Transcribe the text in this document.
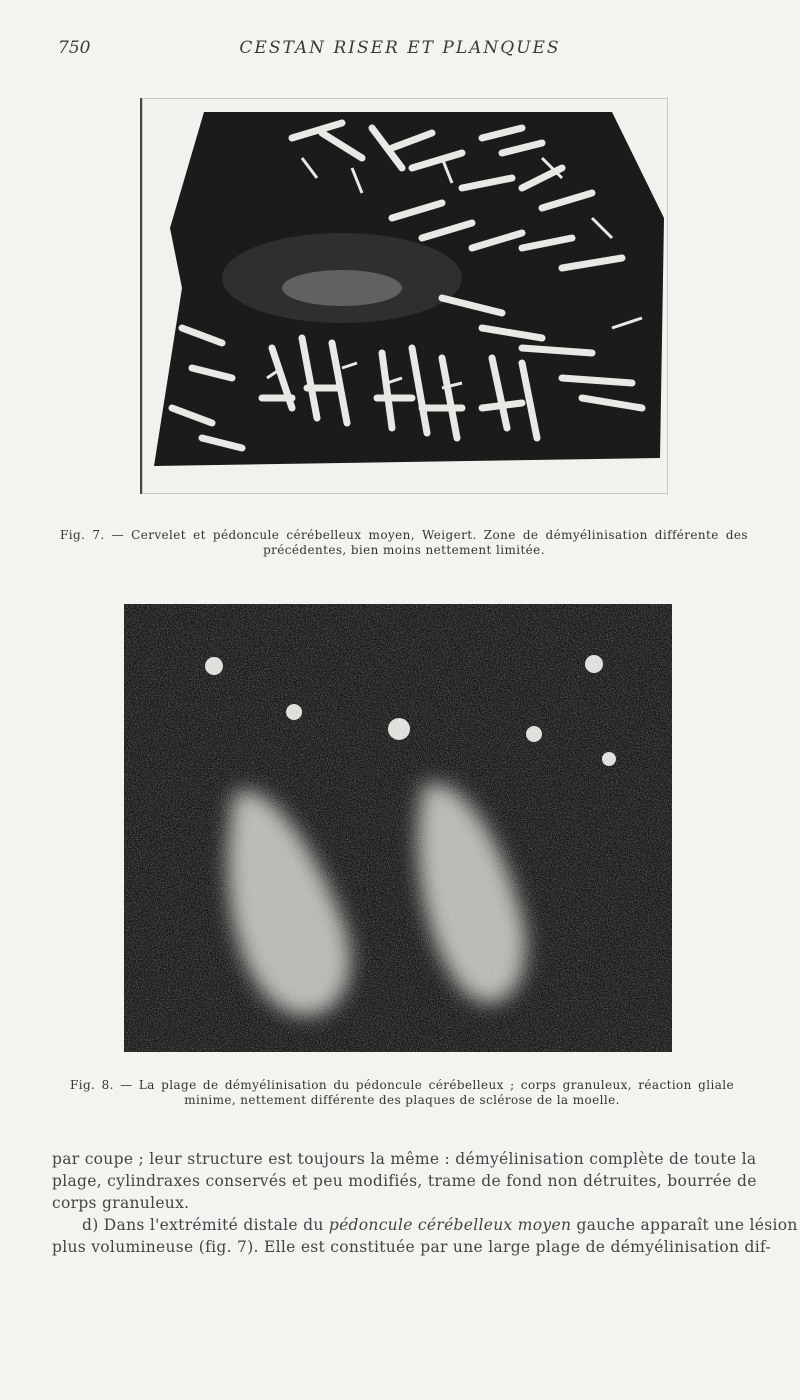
750	CESTAN RISER ET PLANQUES
Fig. 7. — Cervelet et pédoncule cérébelleux moyen, Weigert. Zone de démyélinisation différente des
précédentes, bien moins nettement limitée.
Fig. 8. — La plage de démyélinisation du pédoncule cérébelleux ; corps granuleux, réaction gliale
minime, nettement différente des plaques de sclérose de la moelle.
par coupe ; leur structure est toujours la même : démyélinisation complète de toute la
plage, cylindraxes conservés et peu modifiés, trame de fond non détruites, bourrée de
corps granuleux.
d) Dans l'extrémité distale du pédoncule cérébelleux moyen gauche apparaît une lésion
plus volumineuse (fig. 7). Elle est constituée par une large plage de démyélinisation dif-
